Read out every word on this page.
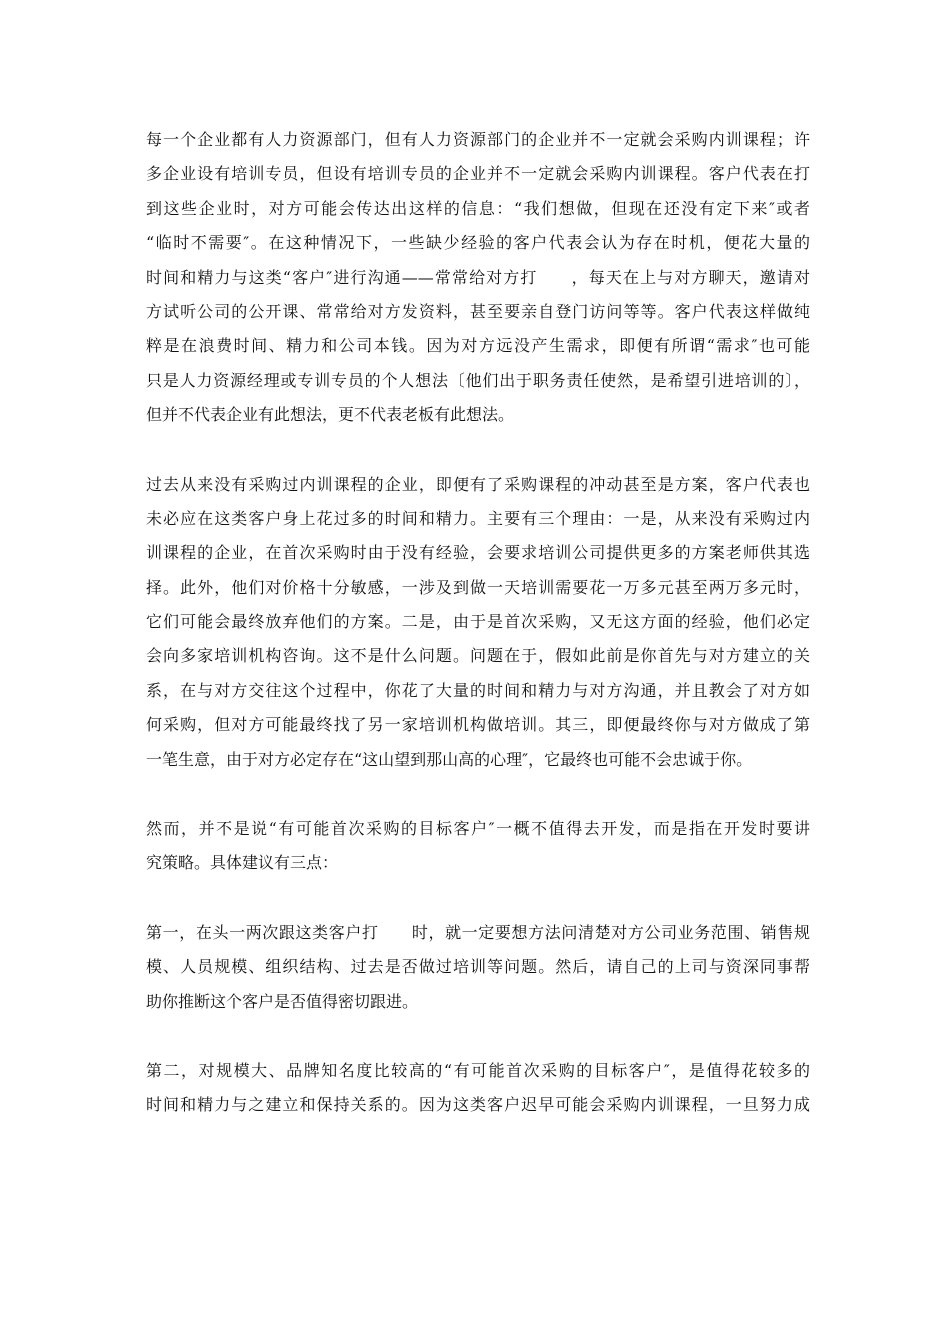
每一个企业都有人力资源部门，但有人力资源部门的企业并不一定就会采购内训课程；许
多企业设有培训专员，但设有培训专员的企业并不一定就会采购内训课程。客户代表在打
到这些企业时，对方可能会传达出这样的信息：“我们想做，但现在还没有定下来″或者
“临时不需要″。在这种情况下，一些缺少经验的客户代表会认为存在时机，便花大量的
时间和精力与这类“客户″进行沟通——常常给对方打　　，每天在上与对方聊天，邀请对
方试听公司的公开课、常常给对方发资料，甚至要亲自登门访问等等。客户代表这样做纯
粹是在浪费时间、精力和公司本钱。因为对方远没产生需求，即便有所谓“需求″也可能
只是人力资源经理或专训专员的个人想法〔他们出于职务责任使然，是希望引进培训的〕，
但并不代表企业有此想法，更不代表老板有此想法。
过去从来没有采购过内训课程的企业，即便有了采购课程的冲动甚至是方案，客户代表也
未必应在这类客户身上花过多的时间和精力。主要有三个理由：一是，从来没有采购过内
训课程的企业，在首次采购时由于没有经验，会要求培训公司提供更多的方案老师供其选
择。此外，他们对价格十分敏感，一涉及到做一天培训需要花一万多元甚至两万多元时，
它们可能会最终放弃他们的方案。二是，由于是首次采购，又无这方面的经验，他们必定
会向多家培训机构咨询。这不是什么问题。问题在于，假如此前是你首先与对方建立的关
系，在与对方交往这个过程中，你花了大量的时间和精力与对方沟通，并且教会了对方如
何采购，但对方可能最终找了另一家培训机构做培训。其三，即便最终你与对方做成了第
一笔生意，由于对方必定存在“这山望到那山高的心理″，它最终也可能不会忠诚于你。
然而，并不是说“有可能首次采购的目标客户″一概不值得去开发，而是指在开发时要讲
究策略。具体建议有三点：
第一，在头一两次跟这类客户打　　时，就一定要想方法问清楚对方公司业务范围、销售规
模、人员规模、组织结构、过去是否做过培训等问题。然后，请自己的上司与资深同事帮
助你推断这个客户是否值得密切跟进。
第二，对规模大、品牌知名度比较高的“有可能首次采购的目标客户″，是值得花较多的
时间和精力与之建立和保持关系的。因为这类客户迟早可能会采购内训课程，一旦努力成
